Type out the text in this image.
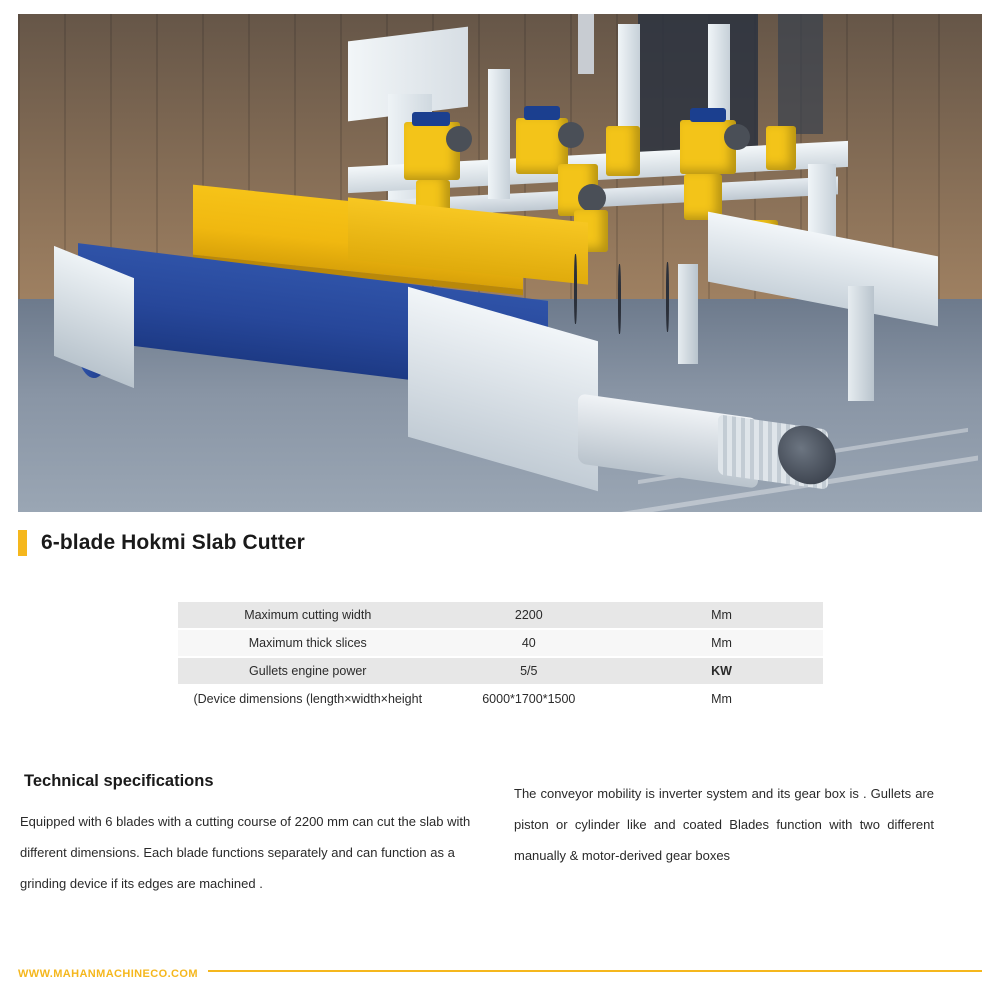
6-blade Hokmi Slab Cutter
Maximum cutting width	2200	Mm
Maximum thick slices	40	Mm
Gullets engine power	5/5	KW
(Device dimensions (length×width×height	6000*1700*1500	Mm
Technical specifications
Equipped with 6 blades with a cutting course of 2200 mm can cut the slab with different dimensions. Each blade functions separately and can function as a grinding device if its edges are machined .
The conveyor mobility is inverter system and its gear box is . Gullets are piston or cylinder like and coated Blades function with two different manually & motor-derived gear boxes
WWW.MAHANMACHINECO.COM
